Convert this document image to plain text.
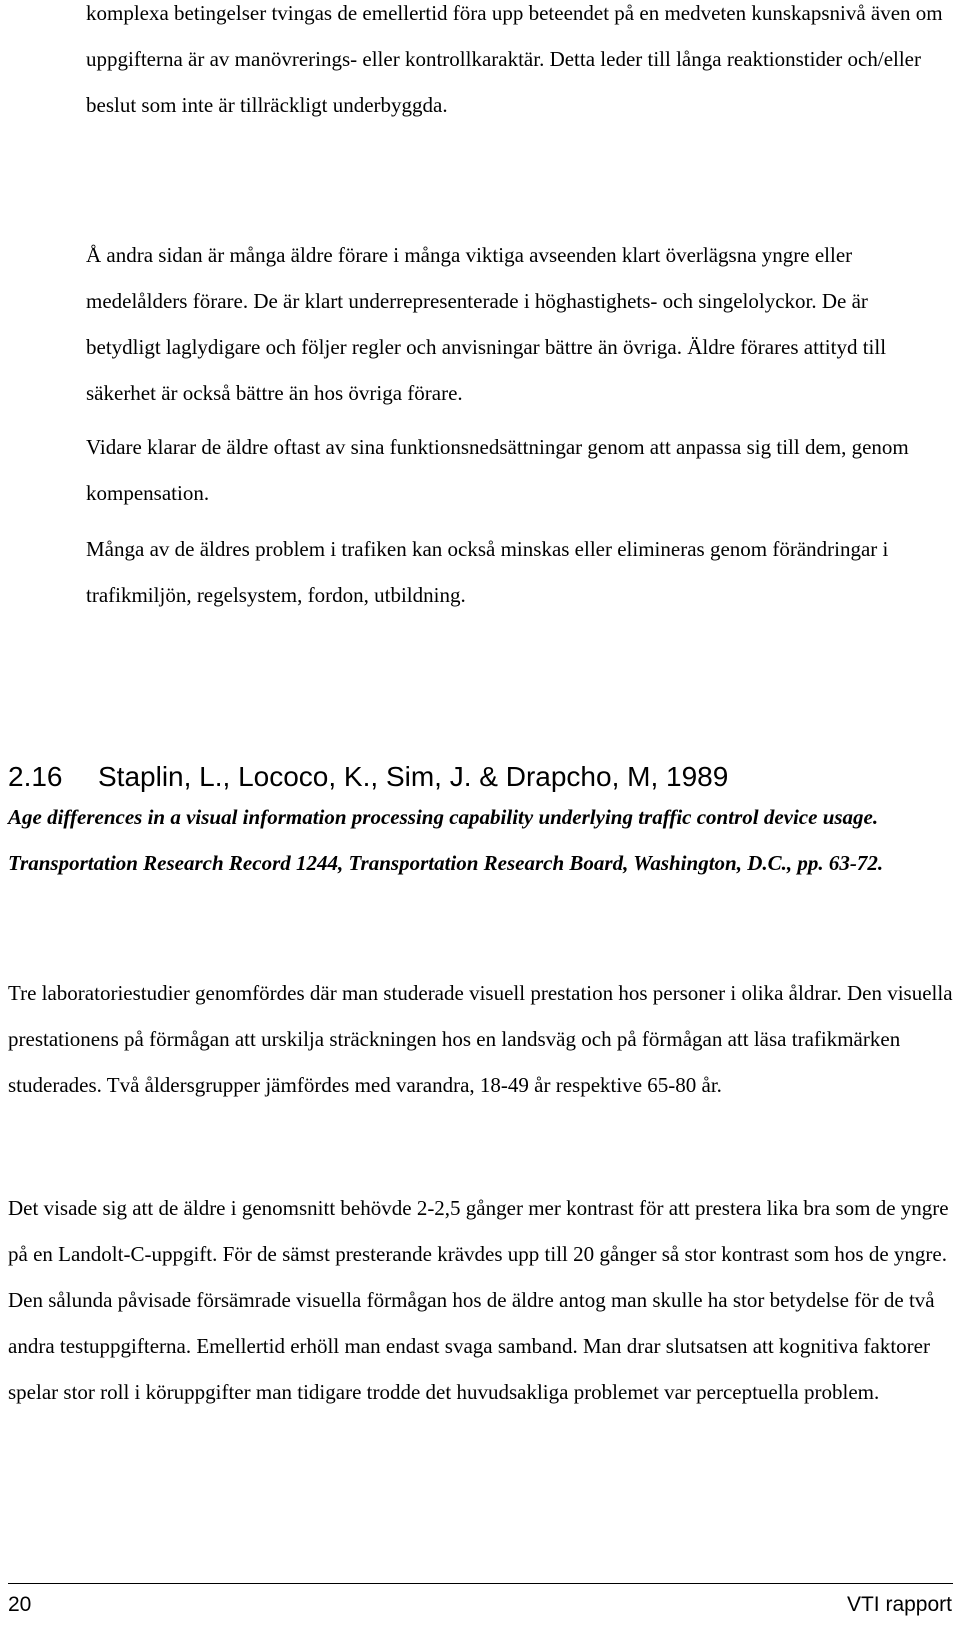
komplexa betingelser tvingas de emellertid föra upp beteendet på en medveten kunskapsnivå även om uppgifterna är av manövrerings- eller kontrollkaraktär. Detta leder till långa reaktionstider och/eller beslut som inte är tillräckligt underbyggda.

Å andra sidan är många äldre förare i många viktiga avseenden klart överlägsna yngre eller medelålders förare. De är klart underrepresenterade i höghastighets- och singelolyckor. De är betydligt laglydigare och följer regler och anvisningar bättre än övriga. Äldre förares attityd till säkerhet är också bättre än hos övriga förare.

Vidare klarar de äldre oftast av sina funktionsnedsättningar genom att anpassa sig till dem, genom kompensation.

Många av de äldres problem i trafiken kan också minskas eller elimineras genom förändringar i trafikmiljön, regelsystem, fordon, utbildning.

2.16 Staplin, L., Lococo, K., Sim, J. & Drapcho, M, 1989

Age differences in a visual information processing capability underlying traffic control device usage. Transportation Research Record 1244, Transportation Research Board, Washington, D.C., pp. 63-72.

Tre laboratoriestudier genomfördes där man studerade visuell prestation hos personer i olika åldrar. Den visuella prestationens på förmågan att urskilja sträckningen hos en landsväg och på förmågan att läsa trafikmärken studerades. Två åldersgrupper jämfördes med varandra, 18-49 år respektive 65-80 år.

Det visade sig att de äldre i genomsnitt behövde 2-2,5 gånger mer kontrast för att prestera lika bra som de yngre på en Landolt-C-uppgift. För de sämst presterande krävdes upp till 20 gånger så stor kontrast som hos de yngre. Den sålunda påvisade försämrade visuella förmågan hos de äldre antog man skulle ha stor betydelse för de två andra testuppgifterna. Emellertid erhöll man endast svaga samband. Man drar slutsatsen att kognitiva faktorer spelar stor roll i köruppgifter man tidigare trodde det huvudsakliga problemet var perceptuella problem.

20	VTI rapport
